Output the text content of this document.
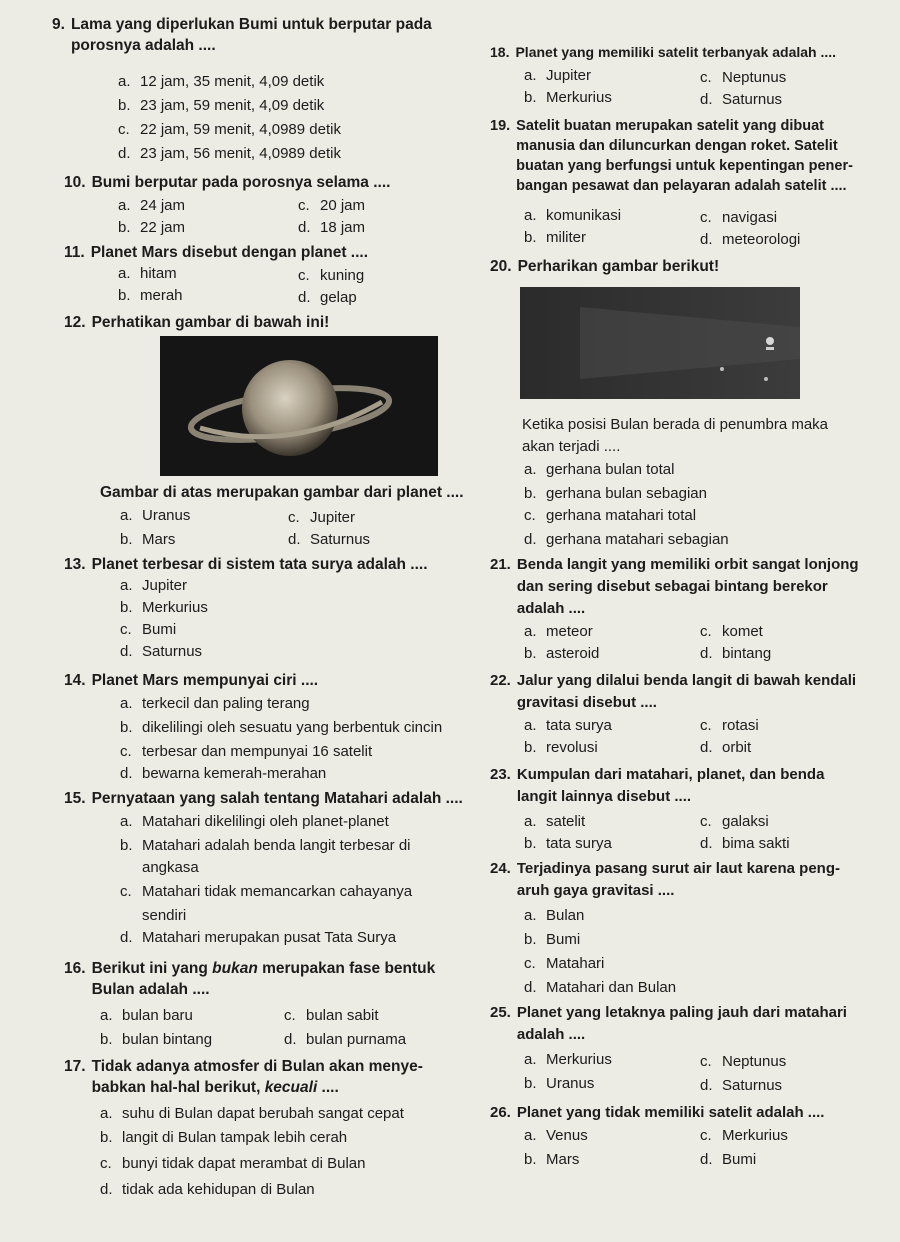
9. Lama yang diperlukan Bumi untuk berputar pada
porosnya adalah ....
a. 12 jam, 35 menit, 4,09 detik
b. 23 jam, 59 menit, 4,09 detik
c. 22 jam, 59 menit, 4,0989 detik
d. 23 jam, 56 menit, 4,0989 detik
10. Bumi berputar pada porosnya selama ....
a. 24 jam
b. 22 jam
c. 20 jam
d. 18 jam
11. Planet Mars disebut dengan planet ....
a. hitam
b. merah
c. kuning
d. gelap
12. Perhatikan gambar di bawah ini!
Gambar di atas merupakan gambar dari planet ....
a. Uranus
b. Mars
c. Jupiter
d. Saturnus
13. Planet terbesar di sistem tata surya adalah ....
a. Jupiter
b. Merkurius
c. Bumi
d. Saturnus
14. Planet Mars mempunyai ciri ....
a. terkecil dan paling terang
b. dikelilingi oleh sesuatu yang berbentuk cincin
c. terbesar dan mempunyai 16 satelit
d. bewarna kemerah-merahan
15. Pernyataan yang salah tentang Matahari adalah ....
a. Matahari dikelilingi oleh planet-planet
b. Matahari adalah benda langit terbesar di
angkasa
c. Matahari tidak memancarkan cahayanya
sendiri
d. Matahari merupakan pusat Tata Surya
16. Berikut ini yang bukan merupakan fase bentuk
Bulan adalah ....
a. bulan baru
b. bulan bintang
c. bulan sabit
d. bulan purnama
17. Tidak adanya atmosfer di Bulan akan menye-
babkan hal-hal berikut, kecuali ....
a. suhu di Bulan dapat berubah sangat cepat
b. langit di Bulan tampak lebih cerah
c. bunyi tidak dapat merambat di Bulan
d. tidak ada kehidupan di Bulan
18. Planet yang memiliki satelit terbanyak adalah ....
a. Jupiter
b. Merkurius
c. Neptunus
d. Saturnus
19. Satelit buatan merupakan satelit yang dibuat
manusia dan diluncurkan dengan roket. Satelit
buatan yang berfungsi untuk kepentingan pener-
bangan pesawat dan pelayaran adalah satelit ....
a. komunikasi
b. militer
c. navigasi
d. meteorologi
20. Perharikan gambar berikut!
Ketika posisi Bulan berada di penumbra maka
akan terjadi ....
a. gerhana bulan total
b. gerhana bulan sebagian
c. gerhana matahari total
d. gerhana matahari sebagian
21. Benda langit yang memiliki orbit sangat lonjong
dan sering disebut sebagai bintang berekor
adalah ....
a. meteor
b. asteroid
c. komet
d. bintang
22. Jalur yang dilalui benda langit di bawah kendali
gravitasi disebut ....
a. tata surya
b. revolusi
c. rotasi
d. orbit
23. Kumpulan dari matahari, planet, dan benda
langit lainnya disebut ....
a. satelit
b. tata surya
c. galaksi
d. bima sakti
24. Terjadinya pasang surut air laut karena peng-
aruh gaya gravitasi ....
a. Bulan
b. Bumi
c. Matahari
d. Matahari dan Bulan
25. Planet yang letaknya paling jauh dari matahari
adalah ....
a. Merkurius
b. Uranus
c. Neptunus
d. Saturnus
26. Planet yang tidak memiliki satelit adalah ....
a. Venus
b. Mars
c. Merkurius
d. Bumi
